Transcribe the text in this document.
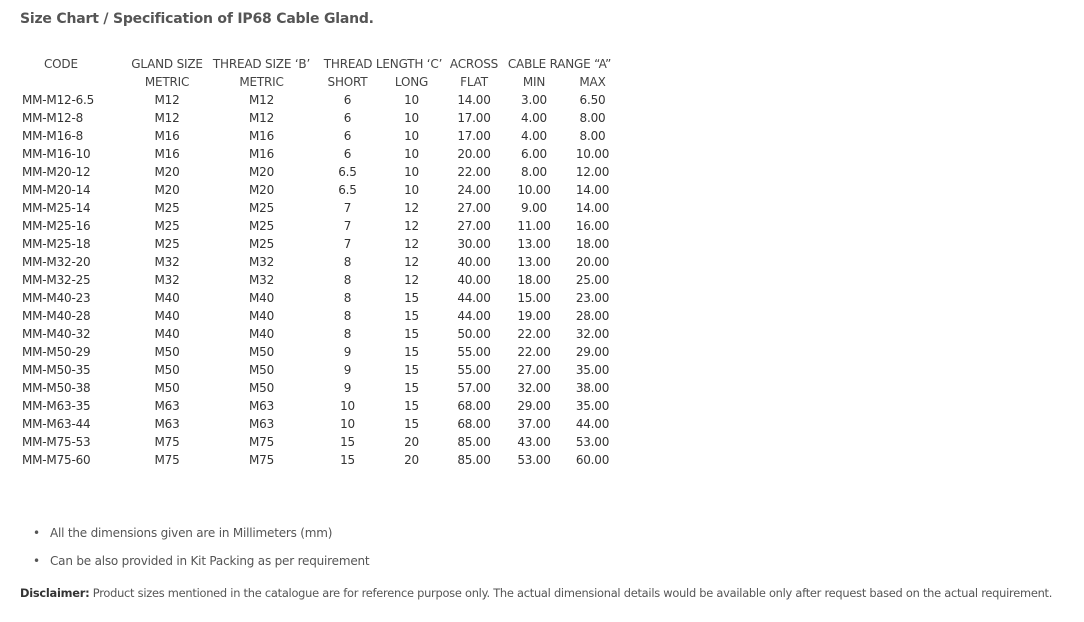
Size Chart / Specification of IP68 Cable Gland.
CODE	GLAND SIZE	THREAD SIZE ‘B’	THREAD LENGTH ‘C’		ACROSS	CABLE RANGE “A”	
	METRIC	METRIC	SHORT	LONG	FLAT	MIN	MAX
MM-M12-6.5	M12	M12	6	10	14.00	3.00	6.50
MM-M12-8	M12	M12	6	10	17.00	4.00	8.00
MM-M16-8	M16	M16	6	10	17.00	4.00	8.00
MM-M16-10	M16	M16	6	10	20.00	6.00	10.00
MM-M20-12	M20	M20	6.5	10	22.00	8.00	12.00
MM-M20-14	M20	M20	6.5	10	24.00	10.00	14.00
MM-M25-14	M25	M25	7	12	27.00	9.00	14.00
MM-M25-16	M25	M25	7	12	27.00	11.00	16.00
MM-M25-18	M25	M25	7	12	30.00	13.00	18.00
MM-M32-20	M32	M32	8	12	40.00	13.00	20.00
MM-M32-25	M32	M32	8	12	40.00	18.00	25.00
MM-M40-23	M40	M40	8	15	44.00	15.00	23.00
MM-M40-28	M40	M40	8	15	44.00	19.00	28.00
MM-M40-32	M40	M40	8	15	50.00	22.00	32.00
MM-M50-29	M50	M50	9	15	55.00	22.00	29.00
MM-M50-35	M50	M50	9	15	55.00	27.00	35.00
MM-M50-38	M50	M50	9	15	57.00	32.00	38.00
MM-M63-35	M63	M63	10	15	68.00	29.00	35.00
MM-M63-44	M63	M63	10	15	68.00	37.00	44.00
MM-M75-53	M75	M75	15	20	85.00	43.00	53.00
MM-M75-60	M75	M75	15	20	85.00	53.00	60.00
• All the dimensions given are in Millimeters (mm)
• Can be also provided in Kit Packing as per requirement

Disclaimer: Product sizes mentioned in the catalogue are for reference purpose only. The actual dimensional details would be available only after request based on the actual requirement.
